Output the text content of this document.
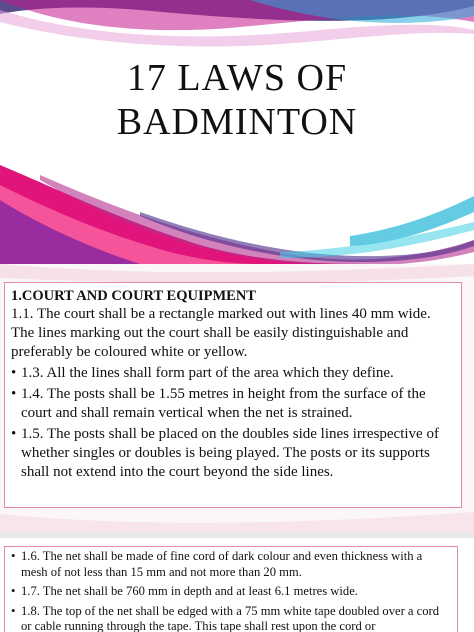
17 LAWS OF
BADMINTON
1.COURT AND COURT EQUIPMENT

1.1. The court shall be a rectangle marked out with lines 40 mm wide. The lines marking out the court shall be easily distinguishable and preferably be coloured white or yellow.

• 1.3. All the lines shall form part of the area which they define.
• 1.4. The posts shall be 1.55 metres in height from the surface of the court and shall remain vertical when the net is strained.
• 1.5. The posts shall be placed on the doubles side lines irrespective of whether singles or doubles is being played. The posts or its supports shall not extend into the court beyond the side lines.
• 1.6. The net shall be made of fine cord of dark colour and even thickness with a mesh of not less than 15 mm and not more than 20 mm.
• 1.7. The net shall be 760 mm in depth and at least 6.1 metres wide.
• 1.8. The top of the net shall be edged with a 75 mm white tape doubled over a cord or cable running through the tape. This tape shall rest upon the cord or
